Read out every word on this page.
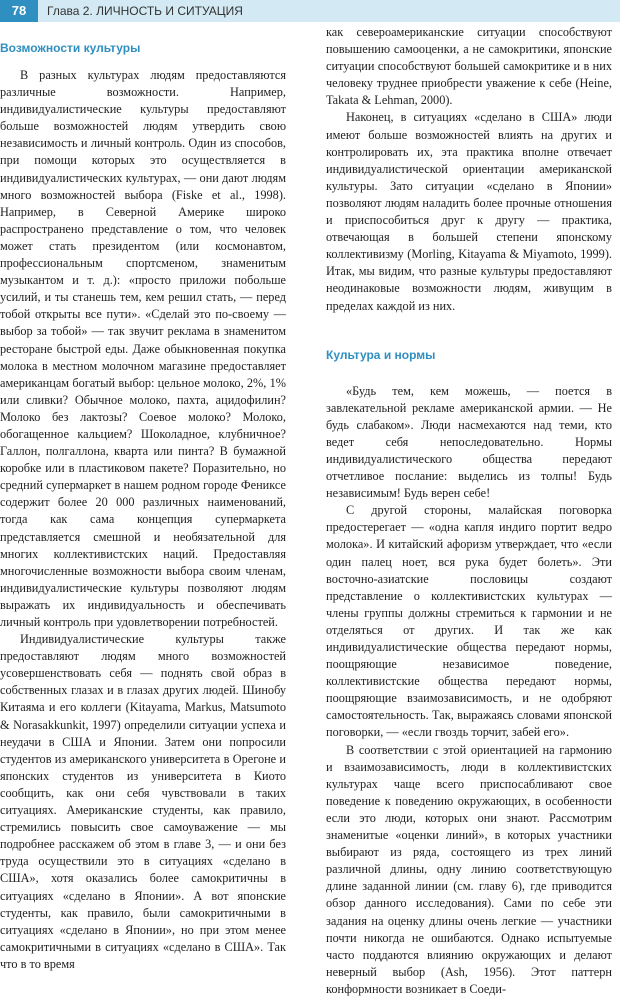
78	Глава 2. ЛИЧНОСТЬ И СИТУАЦИЯ
Возможности культуры

В разных культурах людям предоставляются различные возможности. Например, индивидуалистические культуры предоставляют больше возможностей людям утвердить свою независимость и личный контроль. Один из способов, при помощи которых это осуществляется в индивидуалистических культурах, — они дают людям много возможностей выбора (Fiske et al., 1998). Например, в Северной Америке широко распространено представление о том, что человек может стать президентом (или космонавтом, профессиональным спортсменом, знаменитым музыкантом и т. д.): «просто приложи побольше усилий, и ты станешь тем, кем решил стать, — перед тобой открыты все пути». «Сделай это по-своему — выбор за тобой» — так звучит реклама в знаменитом ресторане быстрой еды. Даже обыкновенная покупка молока в местном молочном магазине предоставляет американцам богатый выбор: цельное молоко, 2%, 1% или сливки? Обычное молоко, пахта, ацидофилин? Молоко без лактозы? Соевое молоко? Молоко, обогащенное кальцием? Шоколадное, клубничное? Галлон, полгаллона, кварта или пинта? В бумажной коробке или в пластиковом пакете? Поразительно, но средний супермаркет в нашем родном городе Фениксе содержит более 20 000 различных наименований, тогда как сама концепция супермаркета представляется смешной и необязательной для многих коллективистских наций. Предоставляя многочисленные возможности выбора своим членам, индивидуалистические культуры позволяют людям выражать их индивидуальность и обеспечивать личный контроль при удовлетворении потребностей.

Индивидуалистические культуры также предоставляют людям много возможностей усовершенствовать себя — поднять свой образ в собственных глазах и в глазах других людей. Шинобу Китаяма и его коллеги (Kitayama, Markus, Matsumoto & Norasakkunkit, 1997) определили ситуации успеха и неудачи в США и Японии. Затем они попросили студентов из американского университета в Орегоне и японских студентов из университета в Киото сообщить, как они себя чувствовали в таких ситуациях. Американские студенты, как правило, стремились повысить свое самоуважение — мы подробнее расскажем об этом в главе 3, — и они без труда осуществили это в ситуациях «сделано в США», хотя оказались более самокритичны в ситуациях «сделано в Японии». А вот японские студенты, как правило, были самокритичными в ситуациях «сделано в Японии», но при этом менее самокритичными в ситуациях «сделано в США». Так что в то время

как североамериканские ситуации способствуют повышению самооценки, а не самокритики, японские ситуации способствуют большей самокритике и в них человеку труднее приобрести уважение к себе (Heine, Takata & Lehman, 2000).

Наконец, в ситуациях «сделано в США» люди имеют больше возможностей влиять на других и контролировать их, эта практика вполне отвечает индивидуалистической ориентации американской культуры. Зато ситуации «сделано в Японии» позволяют людям наладить более прочные отношения и приспособиться друг к другу — практика, отвечающая в большей степени японскому коллективизму (Morling, Kitayama & Miyamoto, 1999). Итак, мы видим, что разные культуры предоставляют неодинаковые возможности людям, живущим в пределах каждой из них.

Культура и нормы

«Будь тем, кем можешь, — поется в завлекательной рекламе американской армии. — Не будь слабаком». Люди насмехаются над теми, кто ведет себя непоследовательно. Нормы индивидуалистического общества передают отчетливое послание: выделись из толпы! Будь независимым! Будь верен себе!

С другой стороны, малайская поговорка предостерегает — «одна капля индиго портит ведро молока». И китайский афоризм утверждает, что «если один палец ноет, вся рука будет болеть». Эти восточно-азиатские пословицы создают представление о коллективистских культурах — члены группы должны стремиться к гармонии и не отделяться от других. И так же как индивидуалистические общества передают нормы, поощряющие независимое поведение, коллективистские общества передают нормы, поощряющие взаимозависимость, и не одобряют самостоятельность. Так, выражаясь словами японской поговорки, — «если гвоздь торчит, забей его».

В соответствии с этой ориентацией на гармонию и взаимозависимость, люди в коллективистских культурах чаще всего приспосабливают свое поведение к поведению окружающих, в особенности если это люди, которых они знают. Рассмотрим знаменитые «оценки линий», в которых участники выбирают из ряда, состоящего из трех линий различной длины, одну линию соответствующую длине заданной линии (см. главу 6), где приводится обзор данного исследования). Сами по себе эти задания на оценку длины очень легкие — участники почти никогда не ошибаются. Однако испытуемые часто поддаются влиянию окружающих и делают неверный выбор (Ash, 1956). Этот паттерн конформности возникает в Соеди-
